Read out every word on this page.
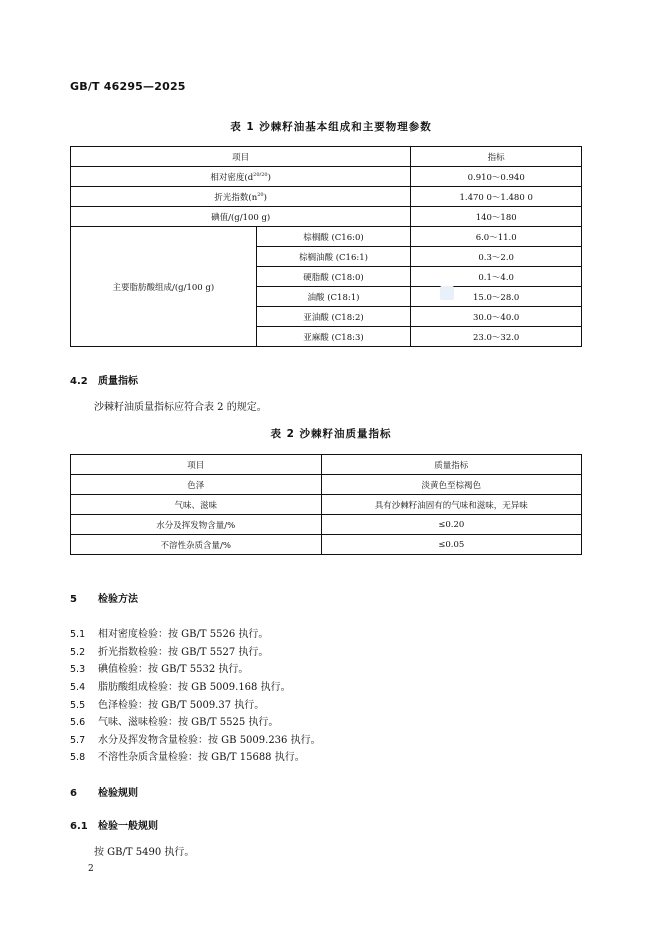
GB/T 46295—2025
表 1 沙棘籽油基本组成和主要物理参数
项目		指标
相对密度$(d^{20/20})$		0.910～0.940
折光指数$(n^{20})$		1.470 0～1.480 0
碘值/(g/100 g)		140～180
主要脂肪酸组成/(g/100 g)	棕榈酸 (C16:0)	6.0～11.0
	棕榈油酸 (C16:1)	0.3～2.0
	硬脂酸 (C18:0)	0.1～4.0
	油酸 (C18:1)	15.0～28.0
	亚油酸 (C18:2)	30.0～40.0
	亚麻酸 (C18:3)	23.0～32.0
4.2 质量指标
沙棘籽油质量指标应符合表 2 的规定。
表 2 沙棘籽油质量指标
项目	质量指标
色泽	淡黄色至棕褐色
气味、滋味	具有沙棘籽油固有的气味和滋味，无异味
水分及挥发物含量/%	≤0.20
不溶性杂质含量/%	≤0.05
5 检验方法
5.1 相对密度检验：按 GB/T 5526 执行。
5.2 折光指数检验：按 GB/T 5527 执行。
5.3 碘值检验：按 GB/T 5532 执行。
5.4 脂肪酸组成检验：按 GB 5009.168 执行。
5.5 色泽检验：按 GB/T 5009.37 执行。
5.6 气味、滋味检验：按 GB/T 5525 执行。
5.7 水分及挥发物含量检验：按 GB 5009.236 执行。
5.8 不溶性杂质含量检验：按 GB/T 15688 执行。
6 检验规则
6.1 检验一般规则
按 GB/T 5490 执行。
2
